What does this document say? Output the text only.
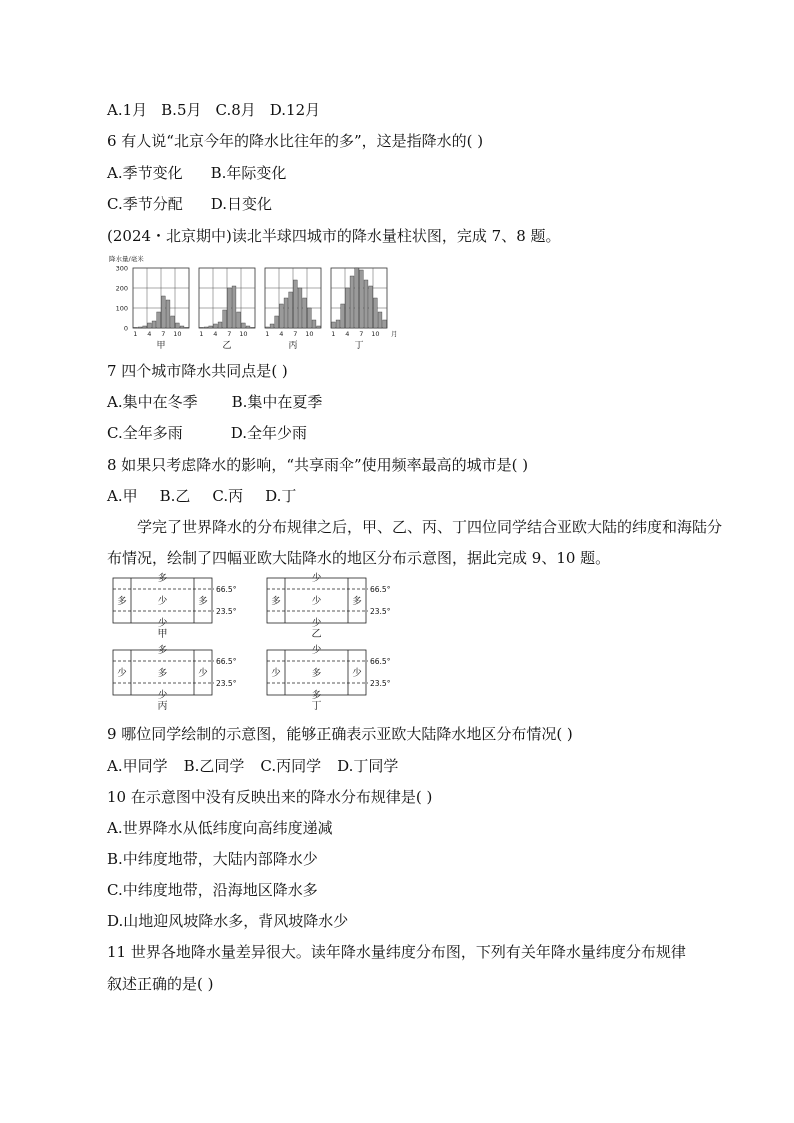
A.1月 B.5月 C.8月 D.12月
6 有人说“北京今年的降水比往年的多”，这是指降水的( )
A.季节变化 B.年际变化
C.季节分配 D.日变化
(2024・北京期中)读北半球四城市的降水量柱状图，完成 7、8 题。
降水量/毫米
0
100
200
300
1 4 7 10
甲
1 4 7 10
乙
1 4 7 10
丙
1 4 7 10
丁
月
7 四个城市降水共同点是( )
A.集中在冬季 B.集中在夏季
C.全年多雨	D.全年少雨
8 如果只考虑降水的影响，“共享雨伞”使用频率最高的城市是( )
A.甲 B.乙 C.丙 D.丁
学完了世界降水的分布规律之后，甲、乙、丙、丁四位同学结合亚欧大陆的纬度和海陆分
布情况，绘制了四幅亚欧大陆降水的地区分布示意图，据此完成 9、10 题。
多
多	少	多
少
66.5°
23.5°
甲
少
多	少	多
少
66.5°
23.5°
乙
多
少	多	少
少
66.5°
23.5°
丙
少
少	多	少
多
66.5°
23.5°
丁
9 哪位同学绘制的示意图，能够正确表示亚欧大陆降水地区分布情况( )
A.甲同学 B.乙同学 C.丙同学 D.丁同学
10 在示意图中没有反映出来的降水分布规律是( )
A.世界降水从低纬度向高纬度递减
B.中纬度地带，大陆内部降水少
C.中纬度地带，沿海地区降水多
D.山地迎风坡降水多，背风坡降水少
11 世界各地降水量差异很大。读年降水量纬度分布图，下列有关年降水量纬度分布规律
叙述正确的是( )
